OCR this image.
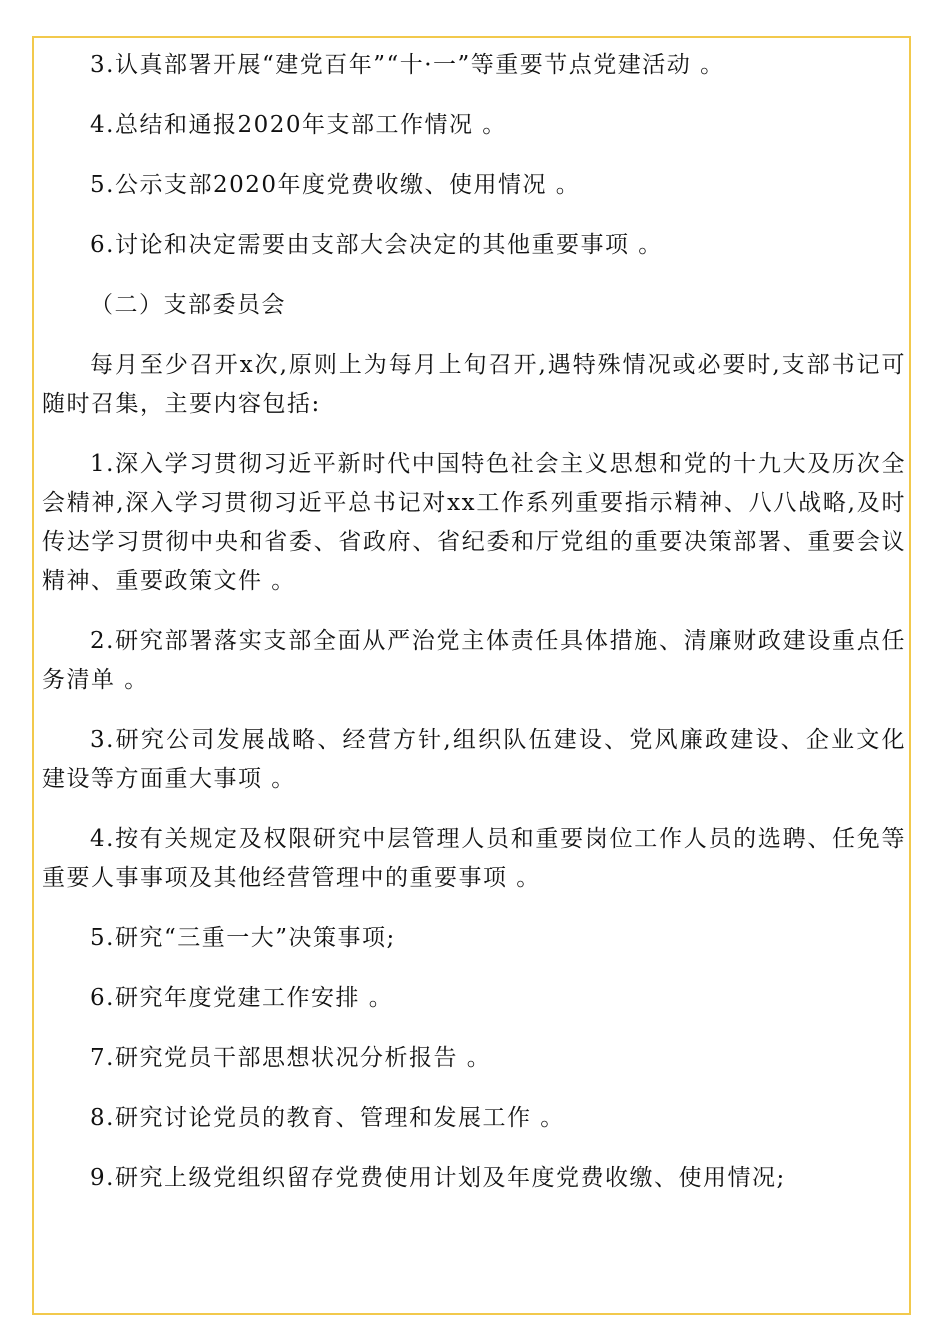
3.认真部署开展“建党百年”“十·一”等重要节点党建活动 。

4.总结和通报2020年支部工作情况 。

5.公示支部2020年度党费收缴、使用情况 。

6.讨论和决定需要由支部大会决定的其他重要事项 。

（二）支部委员会

每月至少召开x次,原则上为每月上旬召开,遇特殊情况或必要时,支部书记可随时召集，主要内容包括:

1.深入学习贯彻习近平新时代中国特色社会主义思想和党的十九大及历次全会精神,深入学习贯彻习近平总书记对xx工作系列重要指示精神、八八战略,及时传达学习贯彻中央和省委、省政府、省纪委和厅党组的重要决策部署、重要会议精神、重要政策文件 。

2.研究部署落实支部全面从严治党主体责任具体措施、清廉财政建设重点任务清单 。

3.研究公司发展战略、经营方针,组织队伍建设、党风廉政建设、企业文化建设等方面重大事项 。

4.按有关规定及权限研究中层管理人员和重要岗位工作人员的选聘、任免等重要人事事项及其他经营管理中的重要事项 。

5.研究“三重一大”决策事项;

6.研究年度党建工作安排 。

7.研究党员干部思想状况分析报告 。

8.研究讨论党员的教育、管理和发展工作 。

9.研究上级党组织留存党费使用计划及年度党费收缴、使用情况;
